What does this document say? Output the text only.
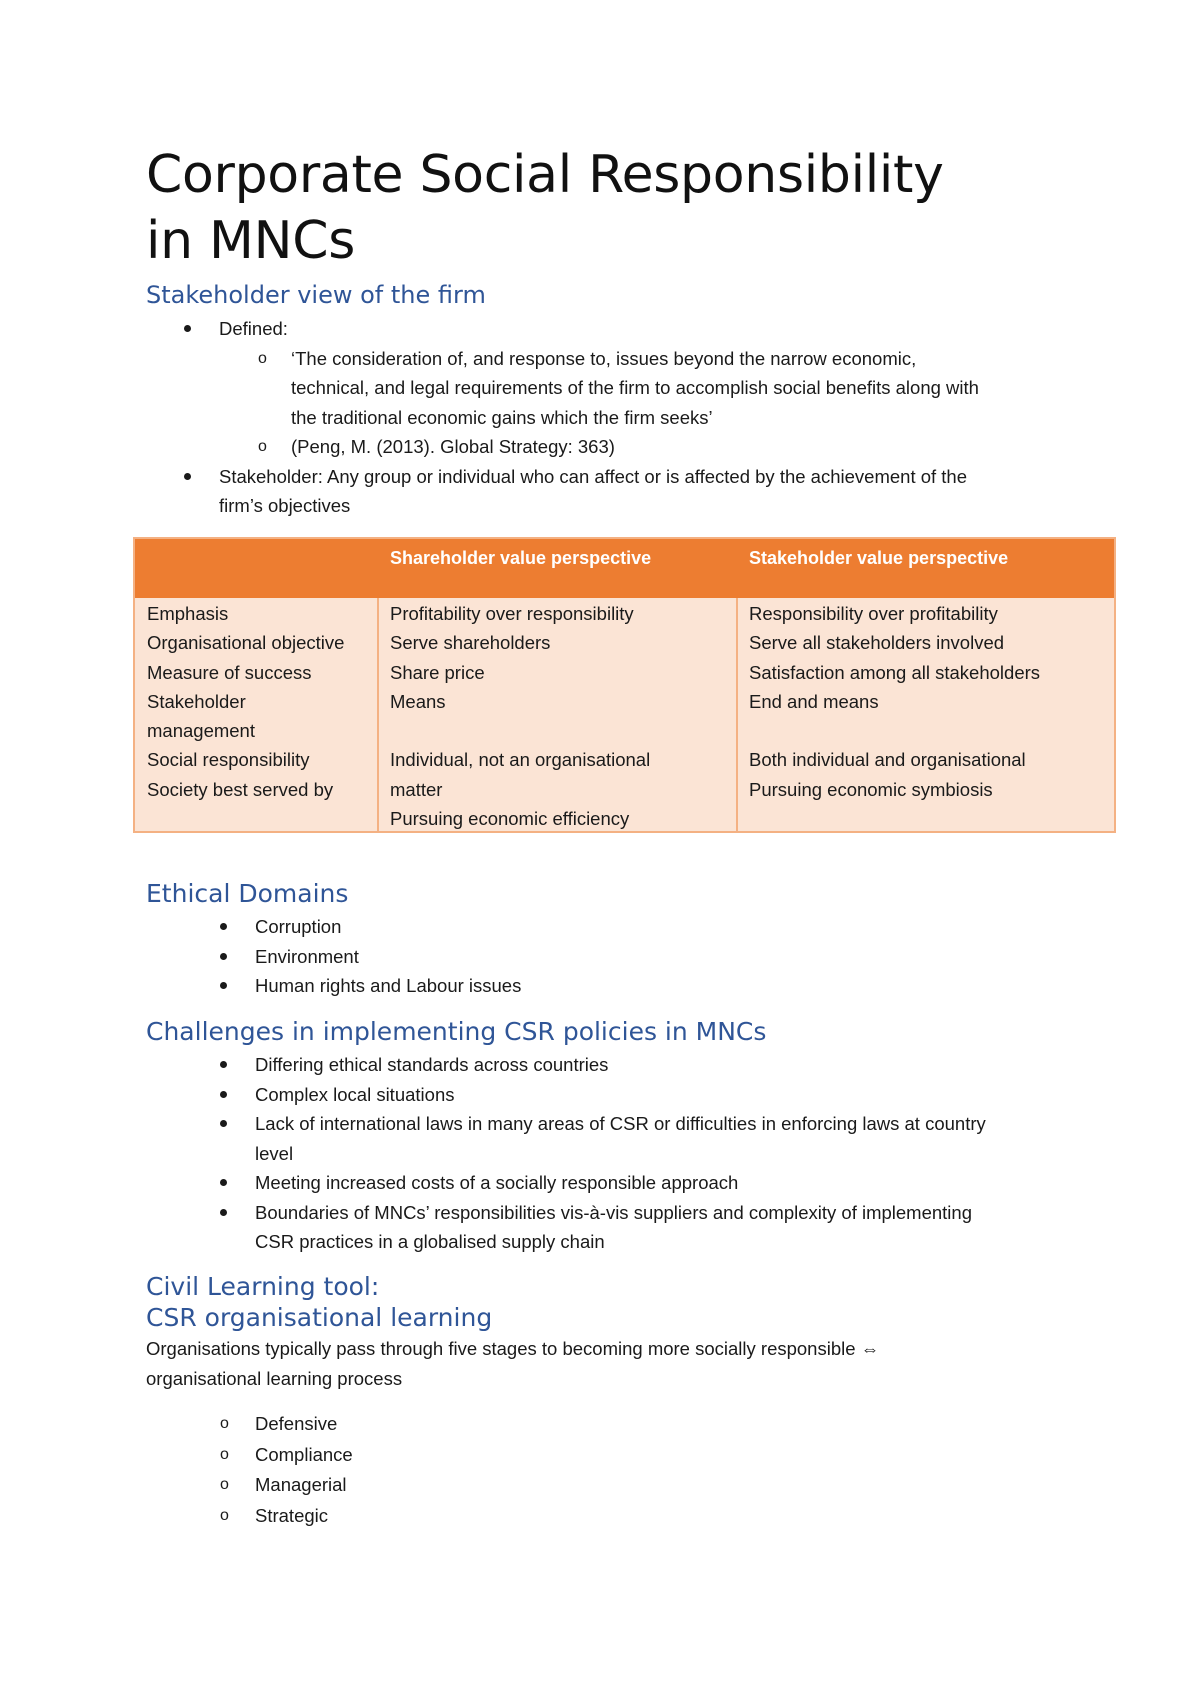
Corporate Social Responsibility
in MNCs
Stakeholder view of the firm
Defined:
o ‘The consideration of, and response to, issues beyond the narrow economic,
technical, and legal requirements of the firm to accomplish social benefits along with
the traditional economic gains which the firm seeks’
o (Peng, M. (2013). Global Strategy: 363)
Stakeholder: Any group or individual who can affect or is affected by the achievement of the
firm’s objectives
Shareholder value perspective	Stakeholder value perspective
Emphasis
Organisational objective
Measure of success
Stakeholder
management
Social responsibility
Society best served by
Profitability over responsibility
Serve shareholders
Share price
Means
Individual, not an organisational
matter
Pursuing economic efficiency
Responsibility over profitability
Serve all stakeholders involved
Satisfaction among all stakeholders
End and means
Both individual and organisational
Pursuing economic symbiosis
Ethical Domains
Corruption
Environment
Human rights and Labour issues
Challenges in implementing CSR policies in MNCs
Differing ethical standards across countries
Complex local situations
Lack of international laws in many areas of CSR or difficulties in enforcing laws at country
level
Meeting increased costs of a socially responsible approach
Boundaries of MNCs’ responsibilities vis-à-vis suppliers and complexity of implementing
CSR practices in a globalised supply chain
Civil Learning tool:
CSR organisational learning
Organisations typically pass through five stages to becoming more socially responsible ⇔
organisational learning process
o Defensive
o Compliance
o Managerial
o Strategic
